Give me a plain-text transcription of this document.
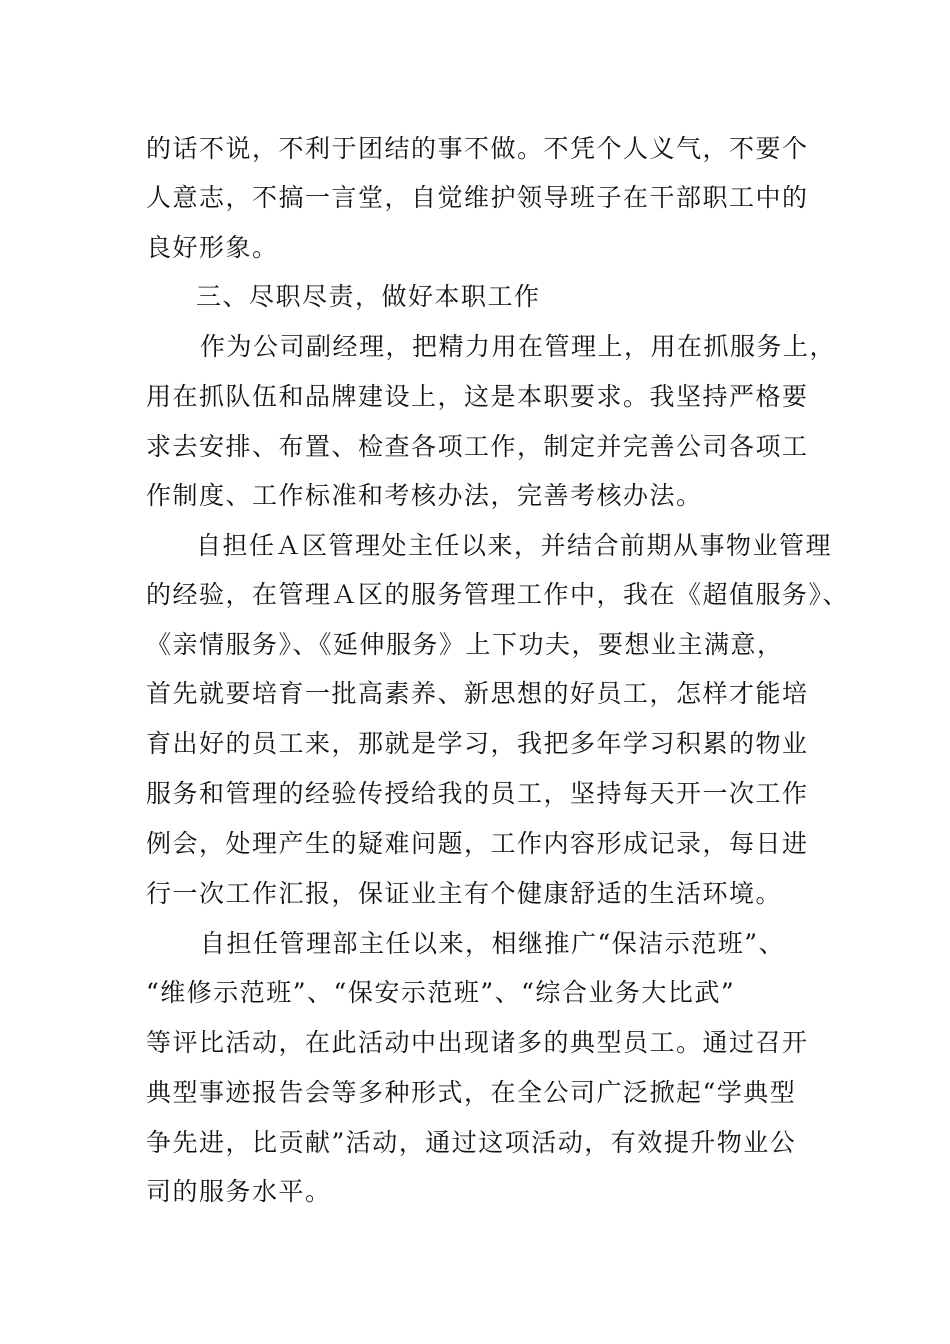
的话不说，不利于团结的事不做。不凭个人义气，不要个
人意志，不搞一言堂，自觉维护领导班子在干部职工中的
良好形象。
三、尽职尽责，做好本职工作
作为公司副经理，把精力用在管理上，用在抓服务上，
用在抓队伍和品牌建设上，这是本职要求。我坚持严格要
求去安排、布置、检查各项工作，制定并完善公司各项工
作制度、工作标准和考核办法，完善考核办法。
自担任Ａ区管理处主任以来，并结合前期从事物业管理
的经验，在管理Ａ区的服务管理工作中，我在《超值服务》、
《亲情服务》、《延伸服务》上下功夫，要想业主满意，
首先就要培育一批高素养、新思想的好员工，怎样才能培
育出好的员工来，那就是学习，我把多年学习积累的物业
服务和管理的经验传授给我的员工，坚持每天开一次工作
例会，处理产生的疑难问题，工作内容形成记录，每日进
行一次工作汇报，保证业主有个健康舒适的生活环境。
自担任管理部主任以来，相继推广“保洁示范班”、
“维修示范班”、“保安示范班”、“综合业务大比武”
等评比活动，在此活动中出现诸多的典型员工。通过召开
典型事迹报告会等多种形式，在全公司广泛掀起“学典型
争先进，比贡献”活动，通过这项活动，有效提升物业公
司的服务水平。
